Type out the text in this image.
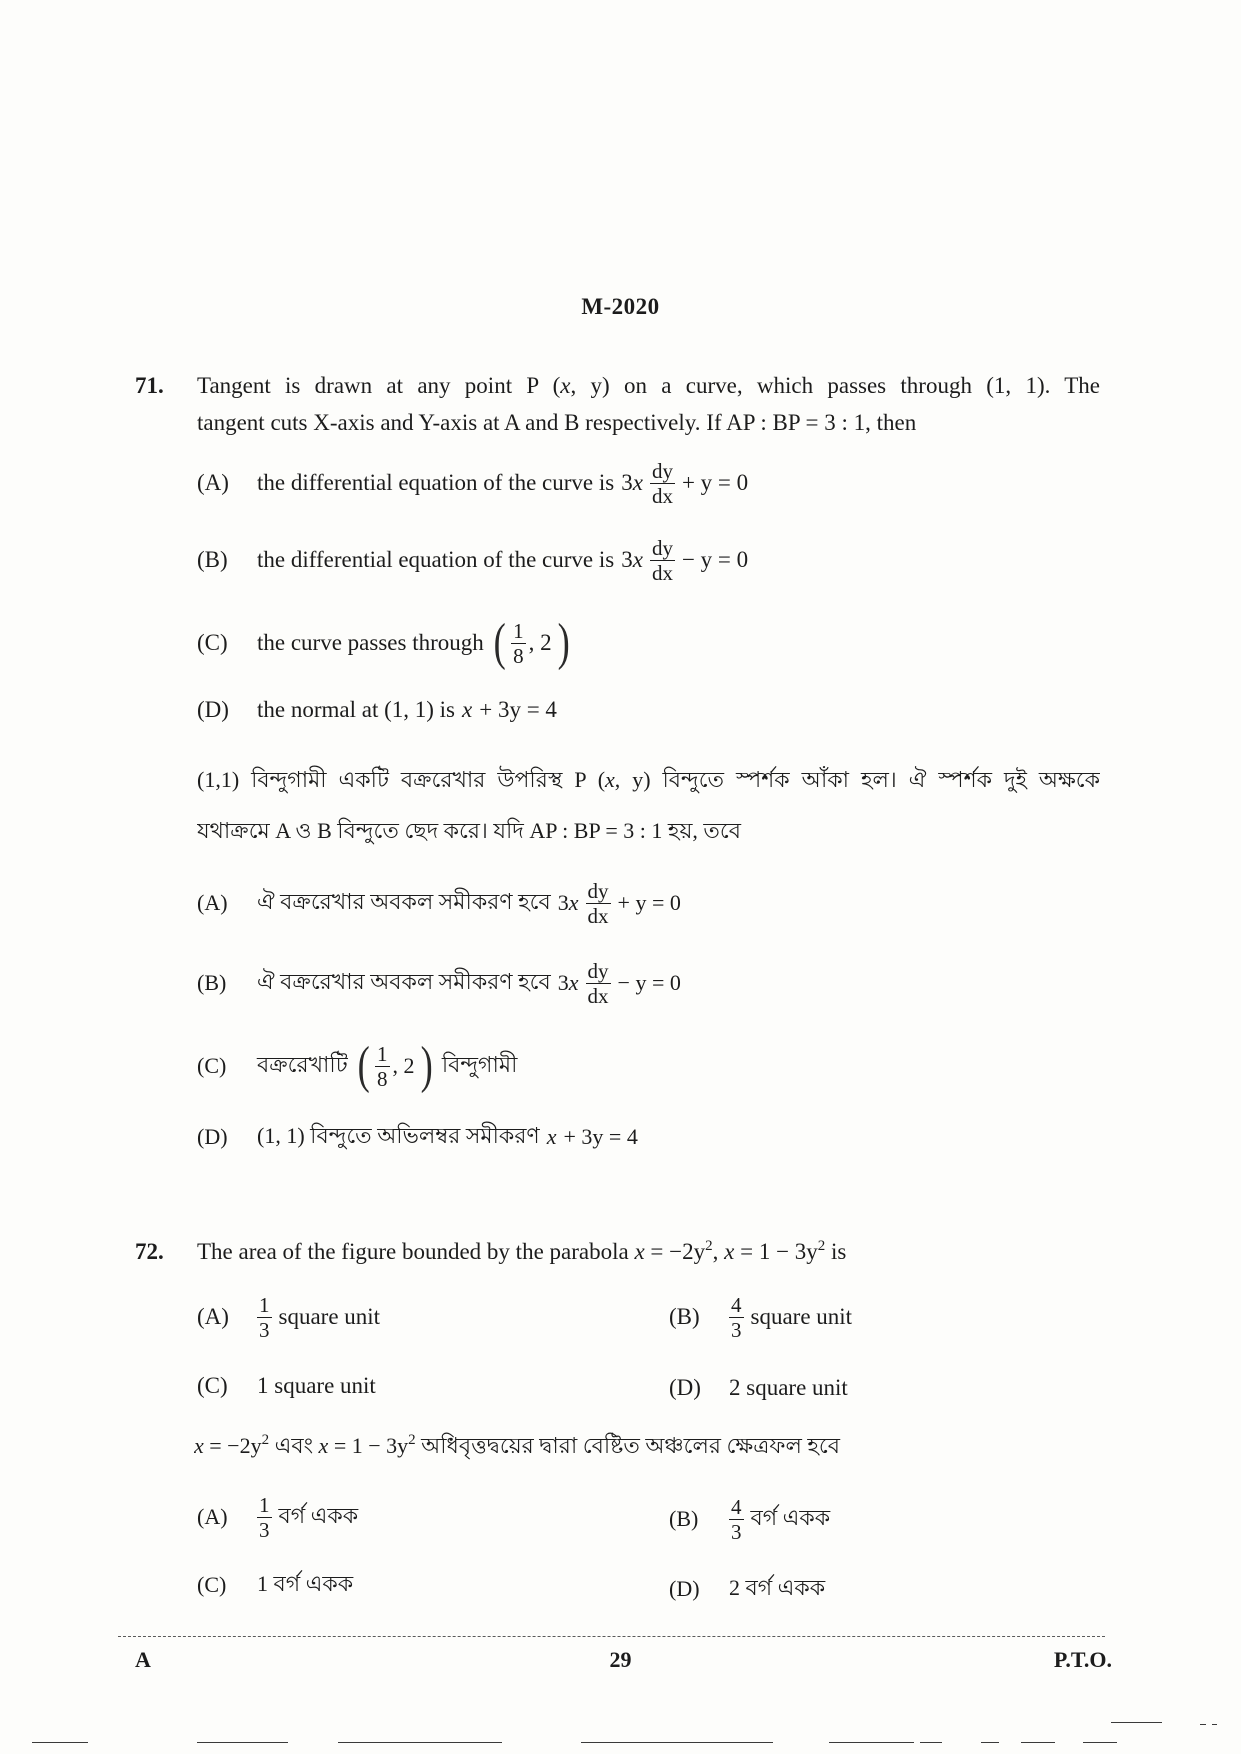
M-2020
71. Tangent is drawn at any point P (x, y) on a curve, which passes through (1, 1). The
tangent cuts X-axis and Y-axis at A and B respectively. If AP : BP = 3 : 1, then
(A)	the differential equation of the curve is 3 x $\frac{dy}{dx} + y = 0$
(B)	the differential equation of the curve is 3 x $\frac{dy}{dx} - y = 0$
(C)	the curve passes through ( $\frac{1}{8}$ , 2 )
(D)	the normal at (1, 1) is x + 3y = 4
(1,1) বিন্দুগামী একটি বক্ররেখার উপরিস্থ P (x, y) বিন্দুতে স্পর্শক আঁকা হল। ঐ স্পর্শক দুই অক্ষকে
যথাক্রমে A ও B বিন্দুতে ছেদ করে। যদি AP : BP = 3 : 1 হয়, তবে
(A)	ঐ বক্ররেখার অবকল সমীকরণ হবে 3 x $\frac{dy}{dx} + y = 0$
(B)	ঐ বক্ররেখার অবকল সমীকরণ হবে 3 x $\frac{dy}{dx} - y = 0$
(C)	বক্ররেখাটি ( $\frac{1}{8}$ , 2 ) বিন্দুগামী
(D)	(1, 1) বিন্দুতে অভিলম্বর সমীকরণ x + 3y = 4
72. The area of the figure bounded by the parabola $x = -2y^2$, $x = 1 - 3y^2$ is
(A)	$\frac{1}{3}$ square unit	(B)	$\frac{4}{3}$ square unit
(C)	1 square unit	(D)	2 square unit
$x = -2y^2$ এবং $x = 1 - 3y^2$ অধিবৃত্তদ্বয়ের দ্বারা বেষ্টিত অঞ্চলের ক্ষেত্রফল হবে
(A)	$\frac{1}{3}$ বর্গ একক	(B)	$\frac{4}{3}$ বর্গ একক
(C)	1 বর্গ একক	(D)	2 বর্গ একক
A	29	P.T.O.
